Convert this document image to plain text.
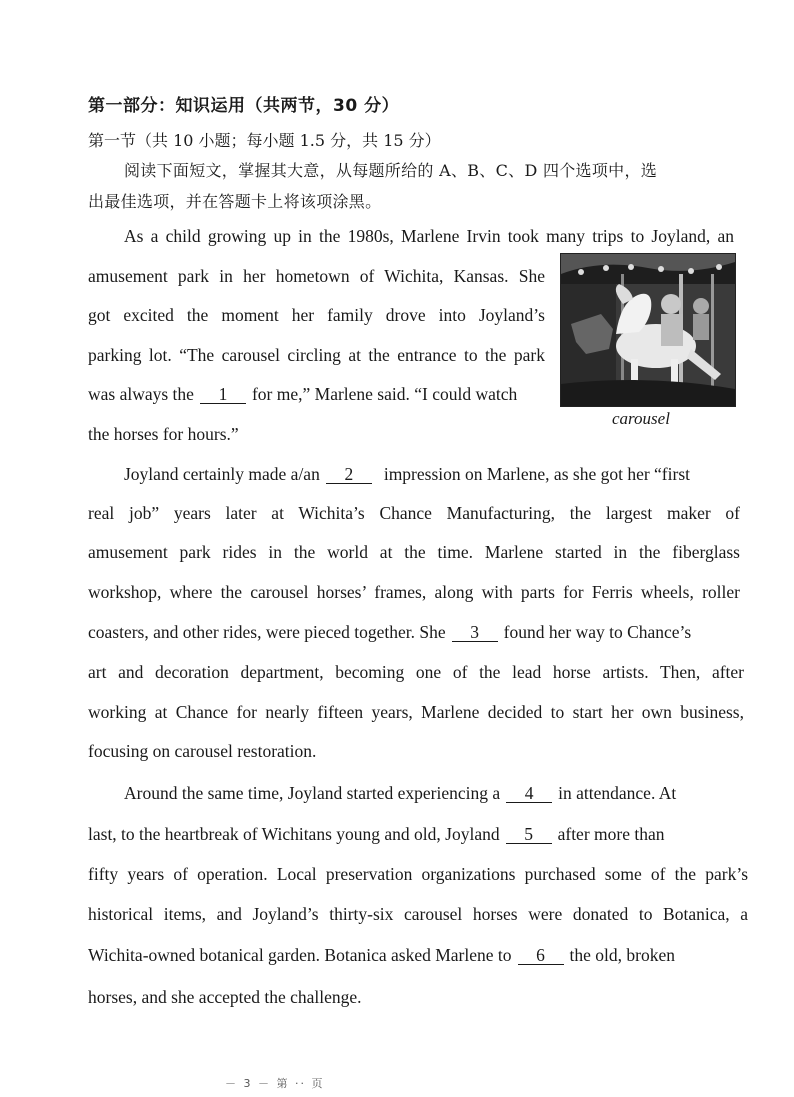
第一部分：知识运用（共两节，30 分）
第一节（共 10 小题；每小题 1.5 分，共 15 分）
阅读下面短文，掌握其大意，从每题所给的 A、B、C、D 四个选项中，选
出最佳选项，并在答题卡上将该项涂黑。
As a child growing up in the 1980s, Marlene Irvin took many trips to Joyland, an
amusement park in her hometown of Wichita, Kansas. She
got excited the moment her family drove into Joyland’s
parking lot. “The carousel circling at the entrance to the park
was always the 1 for me,” Marlene said. “I could watch
the horses for hours.”
carousel
Joyland certainly made a/an 2 impression on Marlene, as she got her “first
real job” years later at Wichita’s Chance Manufacturing, the largest maker of
amusement park rides in the world at the time. Marlene started in the fiberglass
workshop, where the carousel horses’ frames, along with parts for Ferris wheels, roller
coasters, and other rides, were pieced together. She 3 found her way to Chance’s
art and decoration department, becoming one of the lead horse artists. Then, after
working at Chance for nearly fifteen years, Marlene decided to start her own business,
focusing on carousel restoration.
Around the same time, Joyland started experiencing a 4 in attendance. At
last, to the heartbreak of Wichitans young and old, Joyland 5 after more than
fifty years of operation. Local preservation organizations purchased some of the park’s
historical items, and Joyland’s thirty-six carousel horses were donated to Botanica, a
Wichita-owned botanical garden. Botanica asked Marlene to 6 the old, broken
horses, and she accepted the challenge.
－ 3 － 第 ·· 页
